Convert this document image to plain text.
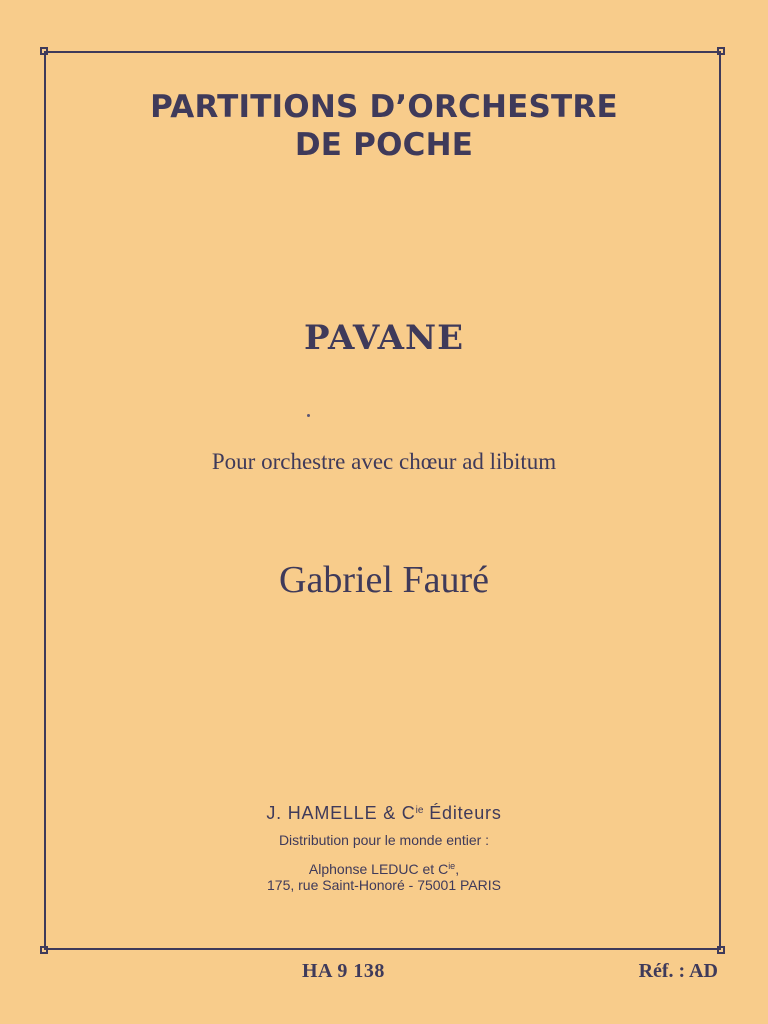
PARTITIONS D’ORCHESTRE
DE POCHE
PAVANE
Pour orchestre avec chœur ad libitum
Gabriel Fauré
J. HAMELLE & $C^{ie}$ Éditeurs
Distribution pour le monde entier :
Alphonse LEDUC et $C^{ie}$,
175, rue Saint-Honoré - 75001 PARIS
HA 9 138	Réf. : AD
